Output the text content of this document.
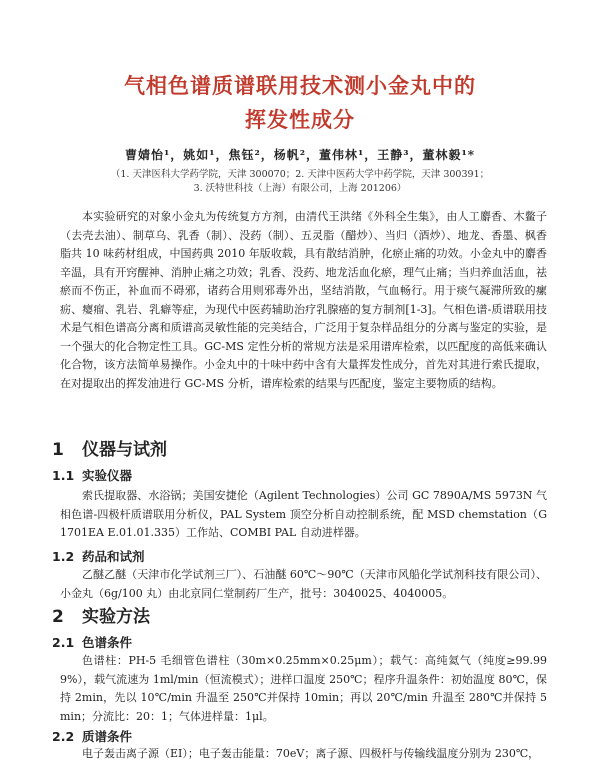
气相色谱质谱联用技术测小金丸中的
挥发性成分
曹婧怡¹，姚如¹，焦钰²，杨帆²，董伟林¹，王静³，董林毅¹*
（1. 天津医科大学药学院，天津 300070；2. 天津中医药大学中药学院，天津 300391；
3. 沃特世科技（上海）有限公司，上海 201206）

本实验研究的对象小金丸为传统复方方剂，由清代王洪绪《外科全生集》，由人工麝香、木鳖子（去壳去油）、制草乌、乳香（制）、没药（制）、五灵脂（醋炒）、当归（酒炒）、地龙、香墨、枫香脂共 10 味药材组成，中国药典 2010 年版收载，具有散结消肿，化瘀止痛的功效。小金丸中的麝香辛温，具有开窍醒神、消肿止痛之功效；乳香、没药、地龙活血化瘀，理气止痛；当归养血活血，祛瘀而不伤正，补血而不碍邪，诸药合用则邪毒外出，坚结消散，气血畅行。用于痰气凝滞所致的瘰疬、瘿瘤、乳岩、乳癖等症，为现代中医药辅助治疗乳腺癌的复方制剂[1-3]。气相色谱-质谱联用技术是气相色谱高分离和质谱高灵敏性能的完美结合，广泛用于复杂样品组分的分离与鉴定的实验，是一个强大的化合物定性工具。GC-MS 定性分析的常规方法是采用谱库检索，以匹配度的高低来确认化合物，该方法简单易操作。小金丸中的十味中药中含有大量挥发性成分，首先对其进行索氏提取，在对提取出的挥发油进行 GC-MS 分析，谱库检索的结果与匹配度，鉴定主要物质的结构。

1 仪器与试剂
1.1 实验仪器

索氏提取器、水浴锅；美国安捷伦（Agilent Technologies）公司 GC 7890A/MS 5973N 气相色谱-四极杆质谱联用分析仪，PAL System 顶空分析自动控制系统，配 MSD chemstation（G1701EA E.01.01.335）工作站、COMBI PAL 自动进样器。

1.2 药品和试剂

乙醚乙醚（天津市化学试剂三厂）、石油醚 60℃～90℃（天津市风船化学试剂科技有限公司）、小金丸（6g/100 丸）由北京同仁堂制药厂生产，批号：3040025、4040005。

2 实验方法
2.1 色谱条件

色谱柱：PH-5 毛细管色谱柱（30m×0.25mm×0.25μm）；载气：高纯氦气（纯度≥99.999%），载气流速为 1ml/min（恒流模式）；进样口温度 250℃；程序升温条件：初始温度 80℃，保持 2min，先以 10℃/min 升温至 250℃并保持 10min；再以 20℃/min 升温至 280℃并保持 5min；分流比：20：1；气体进样量：1μl。

2.2 质谱条件

电子轰击离子源（EI）；电子轰击能量：70eV；离子源、四极杆与传输线温度分别为 230℃，
